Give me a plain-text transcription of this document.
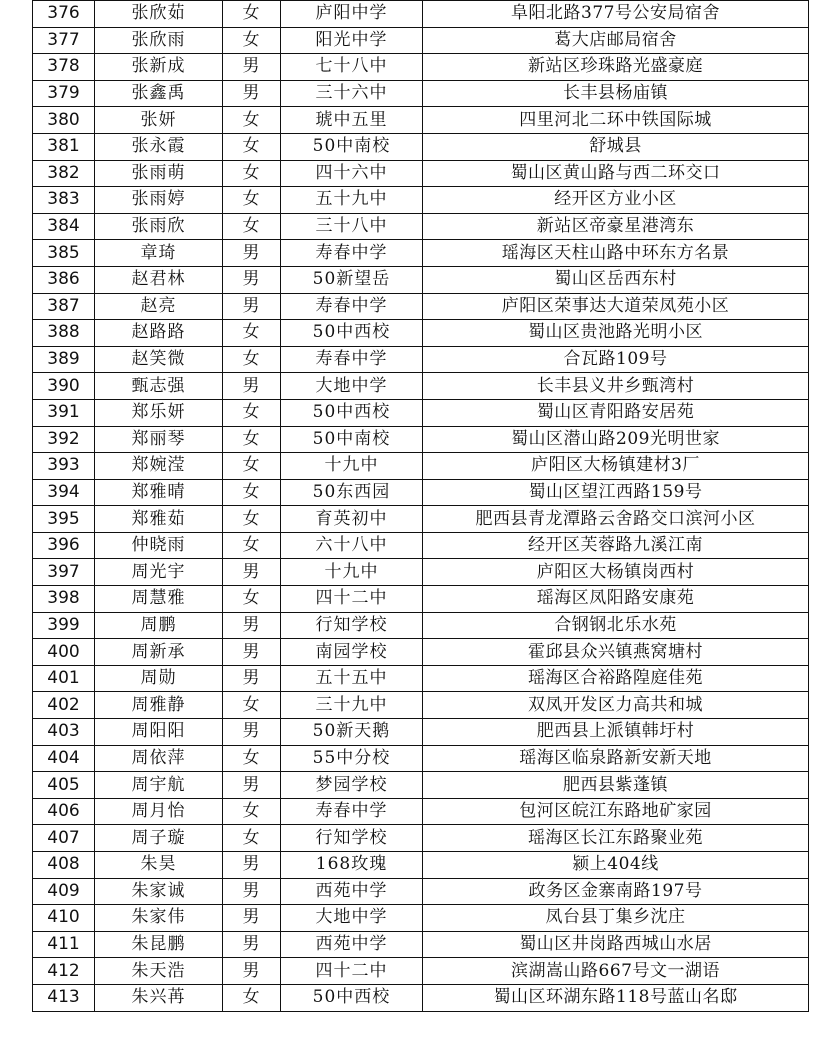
376	张欣茹	女	庐阳中学	阜阳北路377号公安局宿舍
377	张欣雨	女	阳光中学	葛大店邮局宿舍
378	张新成	男	七十八中	新站区珍珠路光盛豪庭
379	张鑫禹	男	三十六中	长丰县杨庙镇
380	张妍	女	琥中五里	四里河北二环中铁国际城
381	张永霞	女	50中南校	舒城县
382	张雨萌	女	四十六中	蜀山区黄山路与西二环交口
383	张雨婷	女	五十九中	经开区方业小区
384	张雨欣	女	三十八中	新站区帝豪星港湾东
385	章琦	男	寿春中学	瑶海区天柱山路中环东方名景
386	赵君林	男	50新望岳	蜀山区岳西东村
387	赵亮	男	寿春中学	庐阳区荣事达大道荣凤苑小区
388	赵路路	女	50中西校	蜀山区贵池路光明小区
389	赵笑微	女	寿春中学	合瓦路109号
390	甄志强	男	大地中学	长丰县义井乡甄湾村
391	郑乐妍	女	50中西校	蜀山区青阳路安居苑
392	郑丽琴	女	50中南校	蜀山区潜山路209光明世家
393	郑婉滢	女	十九中	庐阳区大杨镇建材3厂
394	郑雅晴	女	50东西园	蜀山区望江西路159号
395	郑雅茹	女	育英初中	肥西县青龙潭路云舍路交口滨河小区
396	仲晓雨	女	六十八中	经开区芙蓉路九溪江南
397	周光宇	男	十九中	庐阳区大杨镇岗西村
398	周慧雅	女	四十二中	瑶海区凤阳路安康苑
399	周鹏	男	行知学校	合钢钢北乐水苑
400	周新承	男	南园学校	霍邱县众兴镇燕窝塘村
401	周勋	男	五十五中	瑶海区合裕路隍庭佳苑
402	周雅静	女	三十九中	双凤开发区力高共和城
403	周阳阳	男	50新天鹅	肥西县上派镇韩圩村
404	周依萍	女	55中分校	瑶海区临泉路新安新天地
405	周宇航	男	梦园学校	肥西县紫蓬镇
406	周月怡	女	寿春中学	包河区皖江东路地矿家园
407	周子璇	女	行知学校	瑶海区长江东路聚业苑
408	朱昊	男	168玫瑰	颍上404线
409	朱家诚	男	西苑中学	政务区金寨南路197号
410	朱家伟	男	大地中学	凤台县丁集乡沈庄
411	朱昆鹏	男	西苑中学	蜀山区井岗路西城山水居
412	朱天浩	男	四十二中	滨湖嵩山路667号文一湖语
413	朱兴苒	女	50中西校	蜀山区环湖东路118号蓝山名邸
